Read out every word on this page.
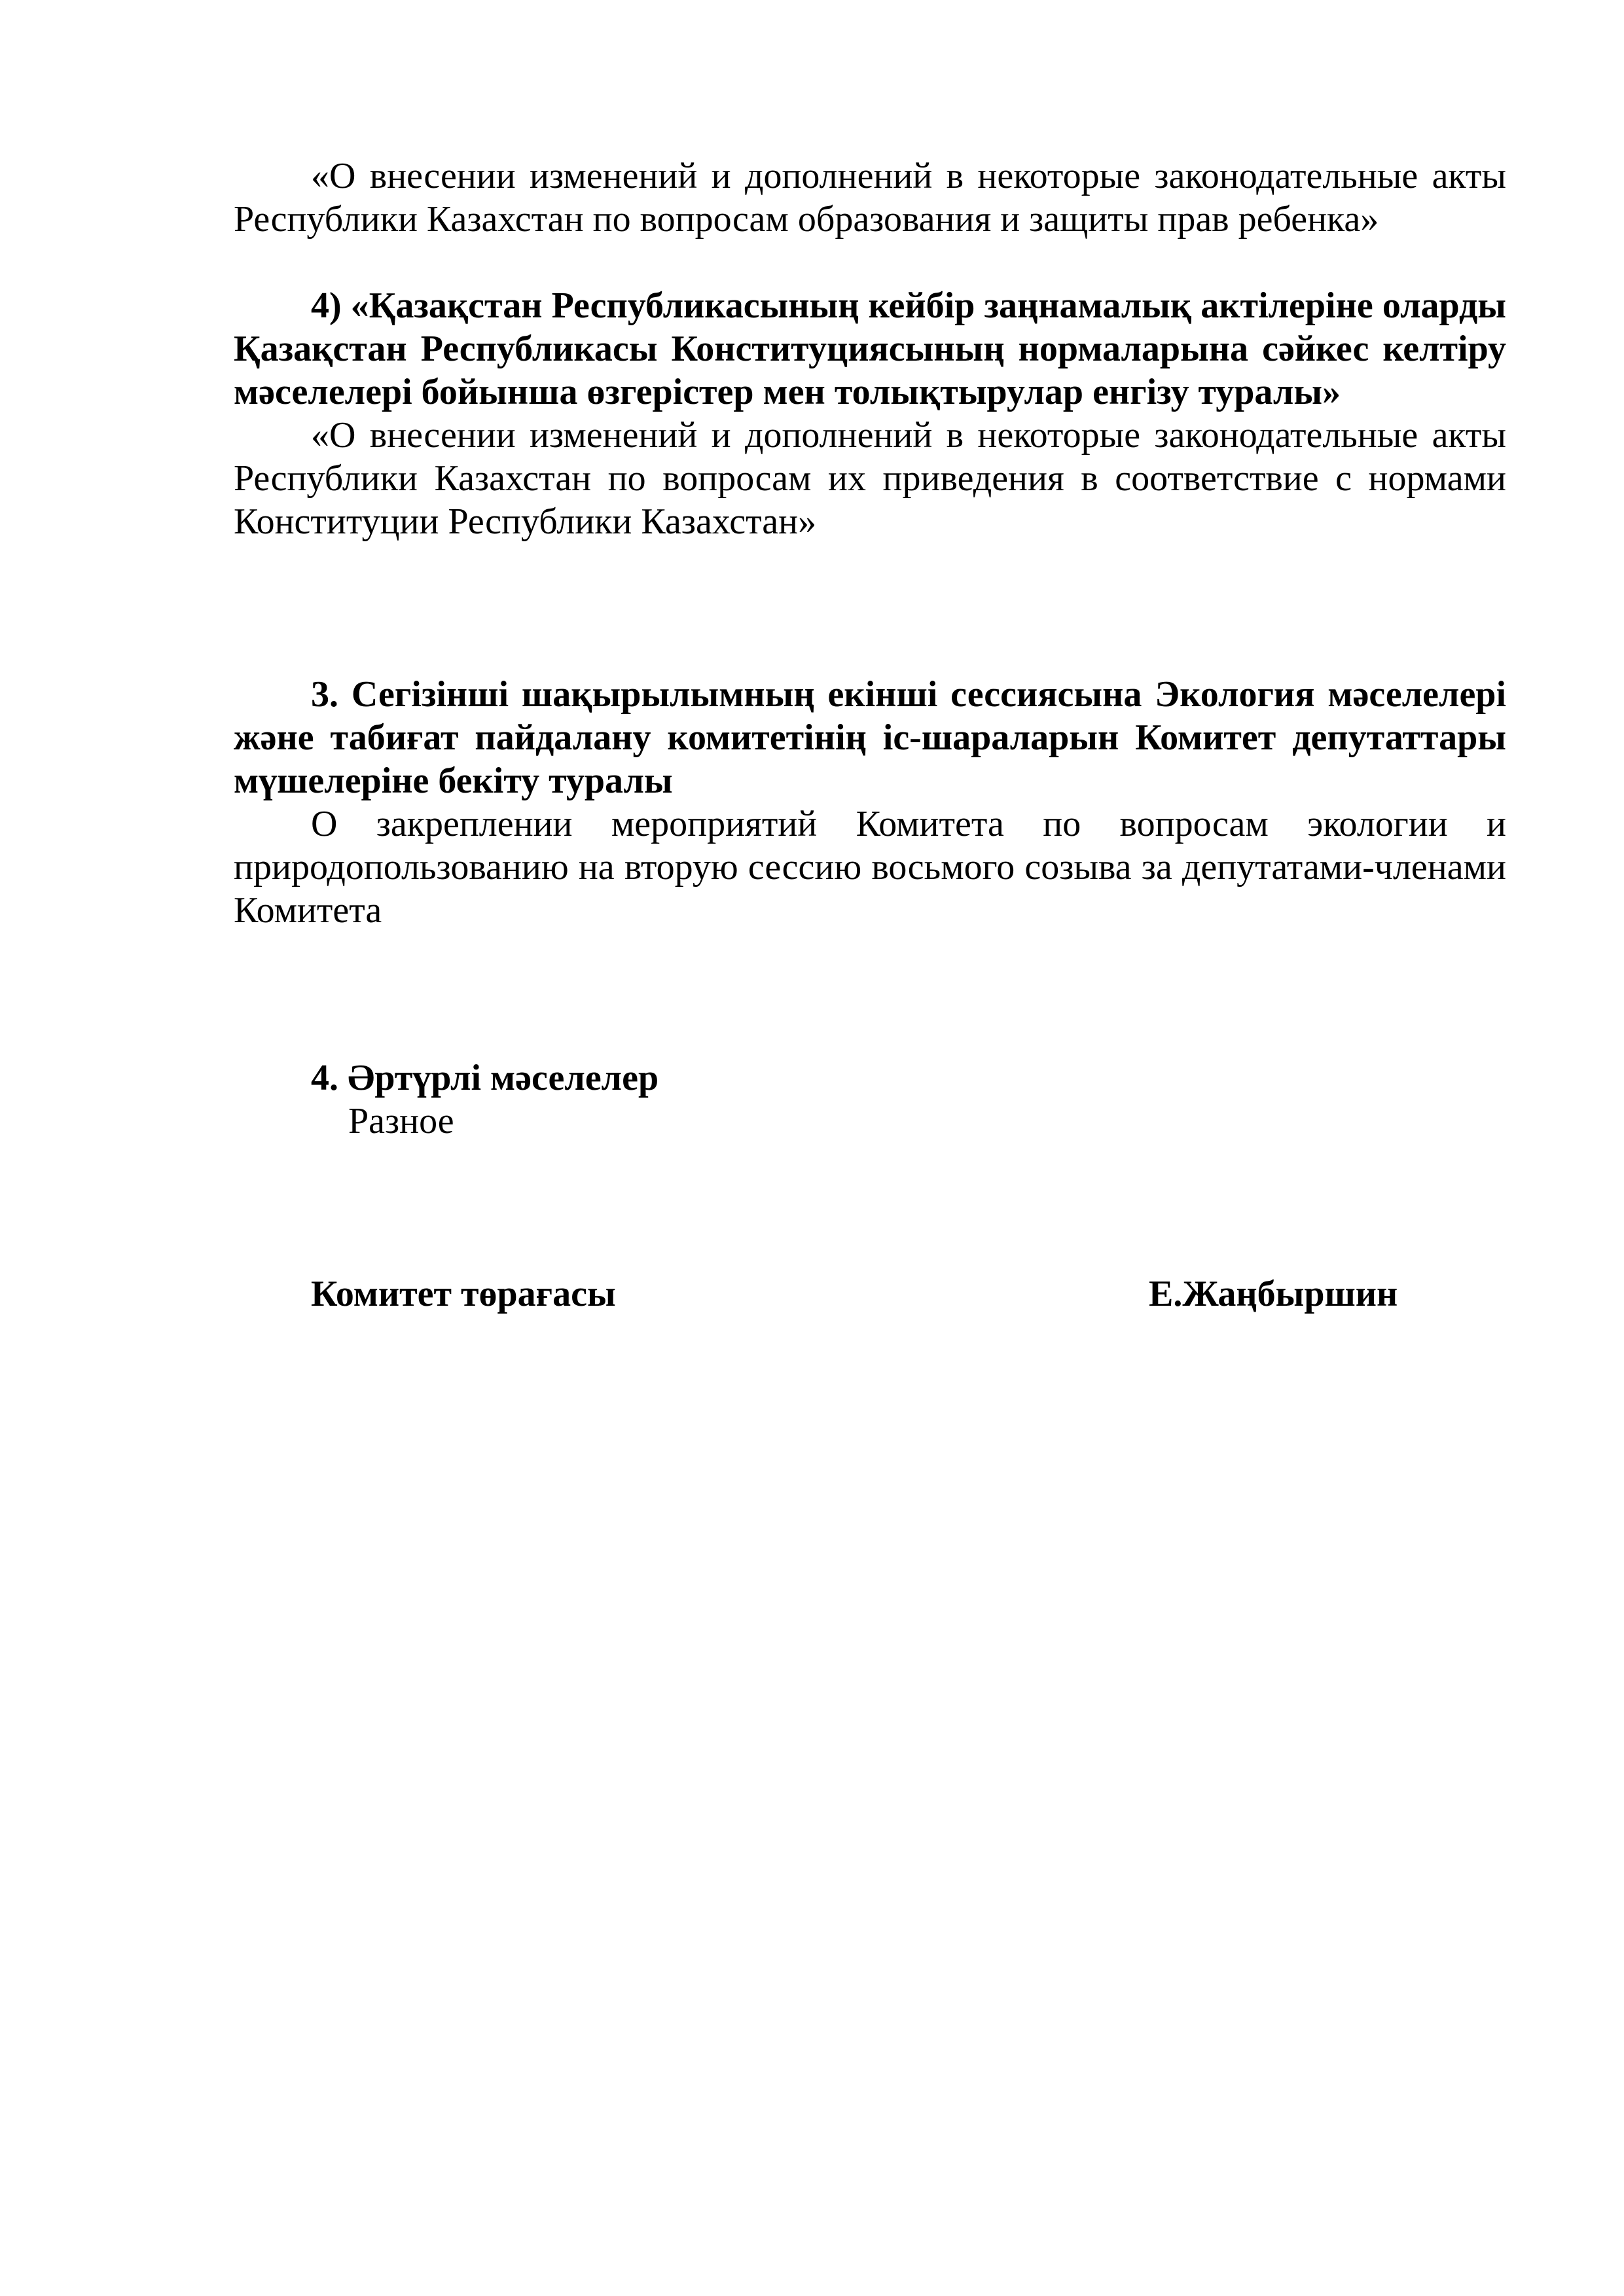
«О внесении изменений и дополнений в некоторые законодательные акты Республики Казахстан по вопросам образования и защиты прав ребенка»

4) «Қазақстан Республикасының кейбір заңнамалық актілеріне оларды Қазақстан Республикасы Конституциясының нормаларына сәйкес келтіру мәселелері бойынша өзгерістер мен толықтырулар енгізу туралы»

«О внесении изменений и дополнений в некоторые законодательные акты Республики Казахстан по вопросам их приведения в соответствие с нормами Конституции Республики Казахстан»

3. Сегізінші шақырылымның екінші сессиясына Экология мәселелері және табиғат пайдалану комитетінің іс-шараларын Комитет депутаттары мүшелеріне бекіту туралы

О закреплении мероприятий Комитета по вопросам экологии и природопользованию на вторую сессию восьмого созыва за депутатами-членами Комитета

4. Әртүрлі мәселелер

Разное

Комитет төрағасы	Е.Жаңбыршин
